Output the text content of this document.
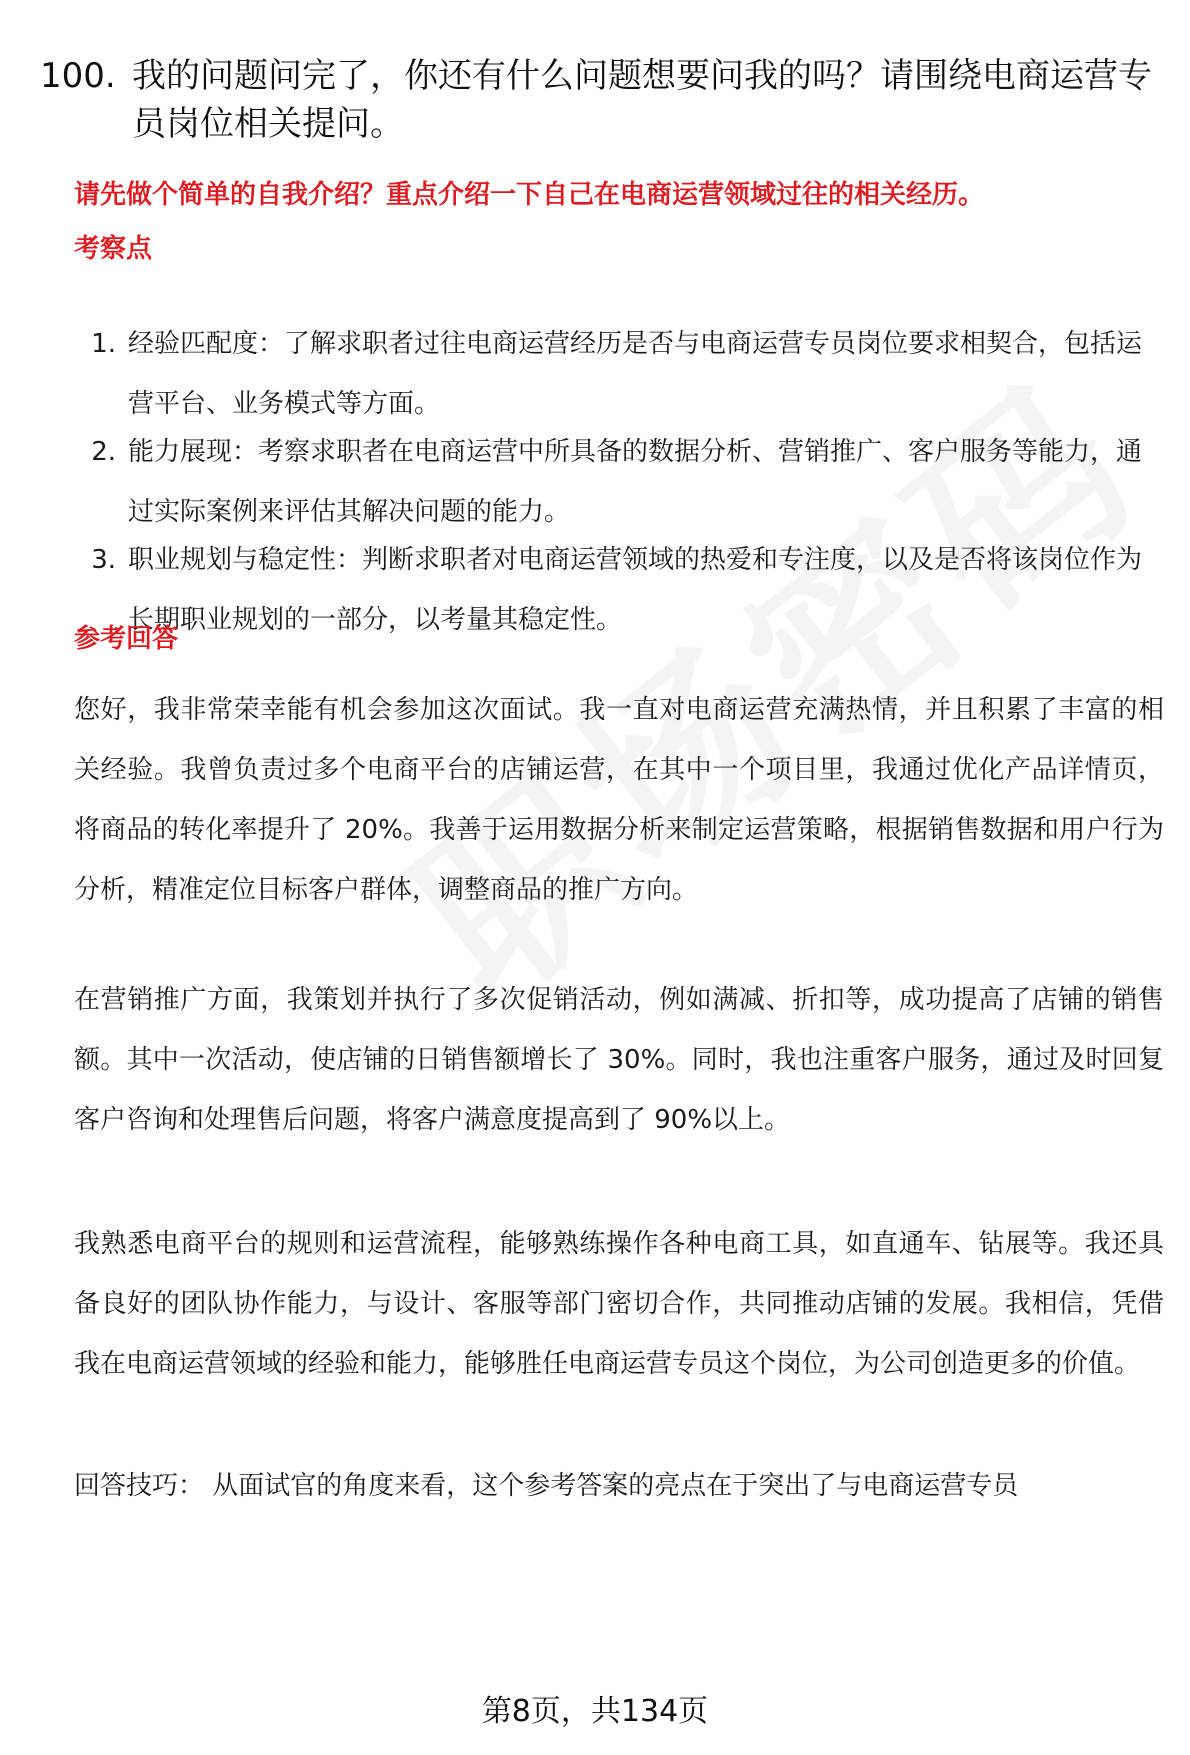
100. 我的问题问完了，你还有什么问题想要问我的吗？请围绕电商运营专员岗位相关提问。
请先做个简单的自我介绍？重点介绍一下自己在电商运营领域过往的相关经历。
考察点
1. 经验匹配度：了解求职者过往电商运营经历是否与电商运营专员岗位要求相契合，包括运营平台、业务模式等方面。
2. 能力展现：考察求职者在电商运营中所具备的数据分析、营销推广、客户服务等能力，通过实际案例来评估其解决问题的能力。
3. 职业规划与稳定性：判断求职者对电商运营领域的热爱和专注度，以及是否将该岗位作为长期职业规划的一部分，以考量其稳定性。
参考回答

您好，我非常荣幸能有机会参加这次面试。我一直对电商运营充满热情，并且积累了丰富的相关经验。我曾负责过多个电商平台的店铺运营，在其中一个项目里，我通过优化产品详情页，将商品的转化率提升了 20%。我善于运用数据分析来制定运营策略，根据销售数据和用户行为分析，精准定位目标客户群体，调整商品的推广方向。

在营销推广方面，我策划并执行了多次促销活动，例如满减、折扣等，成功提高了店铺的销售额。其中一次活动，使店铺的日销售额增长了 30%。同时，我也注重客户服务，通过及时回复客户咨询和处理售后问题，将客户满意度提高到了 90%以上。

我熟悉电商平台的规则和运营流程，能够熟练操作各种电商工具，如直通车、钻展等。我还具备良好的团队协作能力，与设计、客服等部门密切合作，共同推动店铺的发展。我相信，凭借我在电商运营领域的经验和能力，能够胜任电商运营专员这个岗位，为公司创造更多的价值。

回答技巧： 从面试官的角度来看，这个参考答案的亮点在于突出了与电商运营专员

第8页，共134页
